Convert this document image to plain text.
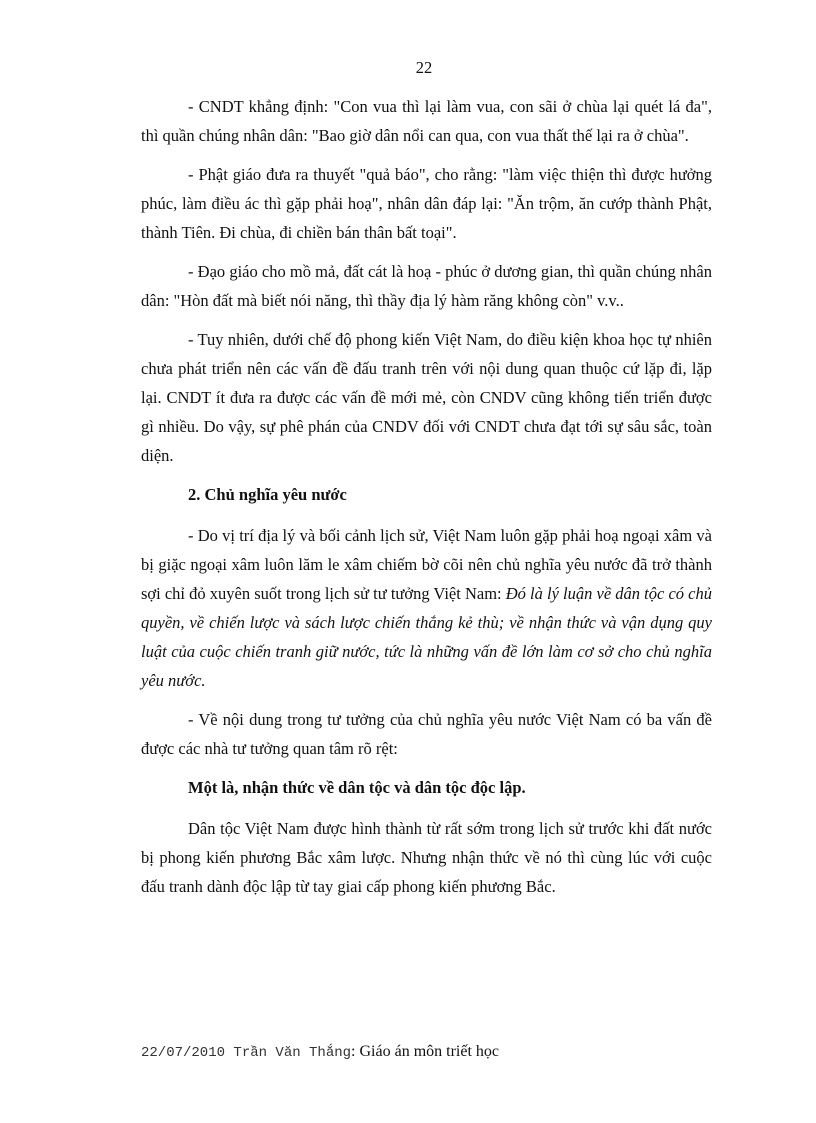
22

- CNDT khẳng định: "Con vua thì lại làm vua, con sãi ở chùa lại quét lá đa", thì quần chúng nhân dân: "Bao giờ dân nổi can qua, con vua thất thế lại ra ở chùa".

- Phật giáo đưa ra thuyết "quả báo", cho rằng: "làm việc thiện thì được hưởng phúc, làm điều ác thì gặp phải hoạ", nhân dân đáp lại: "Ăn trộm, ăn cướp thành Phật, thành Tiên. Đi chùa, đi chiền bán thân bất toại".

- Đạo giáo cho mồ mả, đất cát là hoạ - phúc ở dương gian, thì quần chúng nhân dân: "Hòn đất mà biết nói năng, thì thầy địa lý hàm răng không còn" v.v..

- Tuy nhiên, dưới chế độ phong kiến Việt Nam, do điều kiện khoa học tự nhiên chưa phát triển nên các vấn đề đấu tranh trên với nội dung quan thuộc cứ lặp đi, lặp lại. CNDT ít đưa ra được các vấn đề mới mẻ, còn CNDV cũng không tiến triển được gì nhiều. Do vậy, sự phê phán của CNDV đối với CNDT chưa đạt tới sự sâu sắc, toàn diện.

2. Chủ nghĩa yêu nước

- Do vị trí địa lý và bối cảnh lịch sử, Việt Nam luôn gặp phải hoạ ngoại xâm và bị giặc ngoại xâm luôn lăm le xâm chiếm bờ cõi nên chủ nghĩa yêu nước đã trở thành sợi chỉ đỏ xuyên suốt trong lịch sử tư tưởng Việt Nam: Đó là lý luận về dân tộc có chủ quyền, về chiến lược và sách lược chiến thắng kẻ thù; về nhận thức và vận dụng quy luật của cuộc chiến tranh giữ nước, tức là những vấn đề lớn làm cơ sở cho chủ nghĩa yêu nước.

- Về nội dung trong tư tưởng của chủ nghĩa yêu nước Việt Nam có ba vấn đề được các nhà tư tưởng quan tâm rõ rệt:

Một là, nhận thức về dân tộc và dân tộc độc lập.

Dân tộc Việt Nam được hình thành từ rất sớm trong lịch sử trước khi đất nước bị phong kiến phương Bắc xâm lược. Nhưng nhận thức về nó thì cùng lúc với cuộc đấu tranh dành độc lập từ tay giai cấp phong kiến phương Bắc.

22/07/2010 Trần Văn Thắng: Giáo án môn triết học
